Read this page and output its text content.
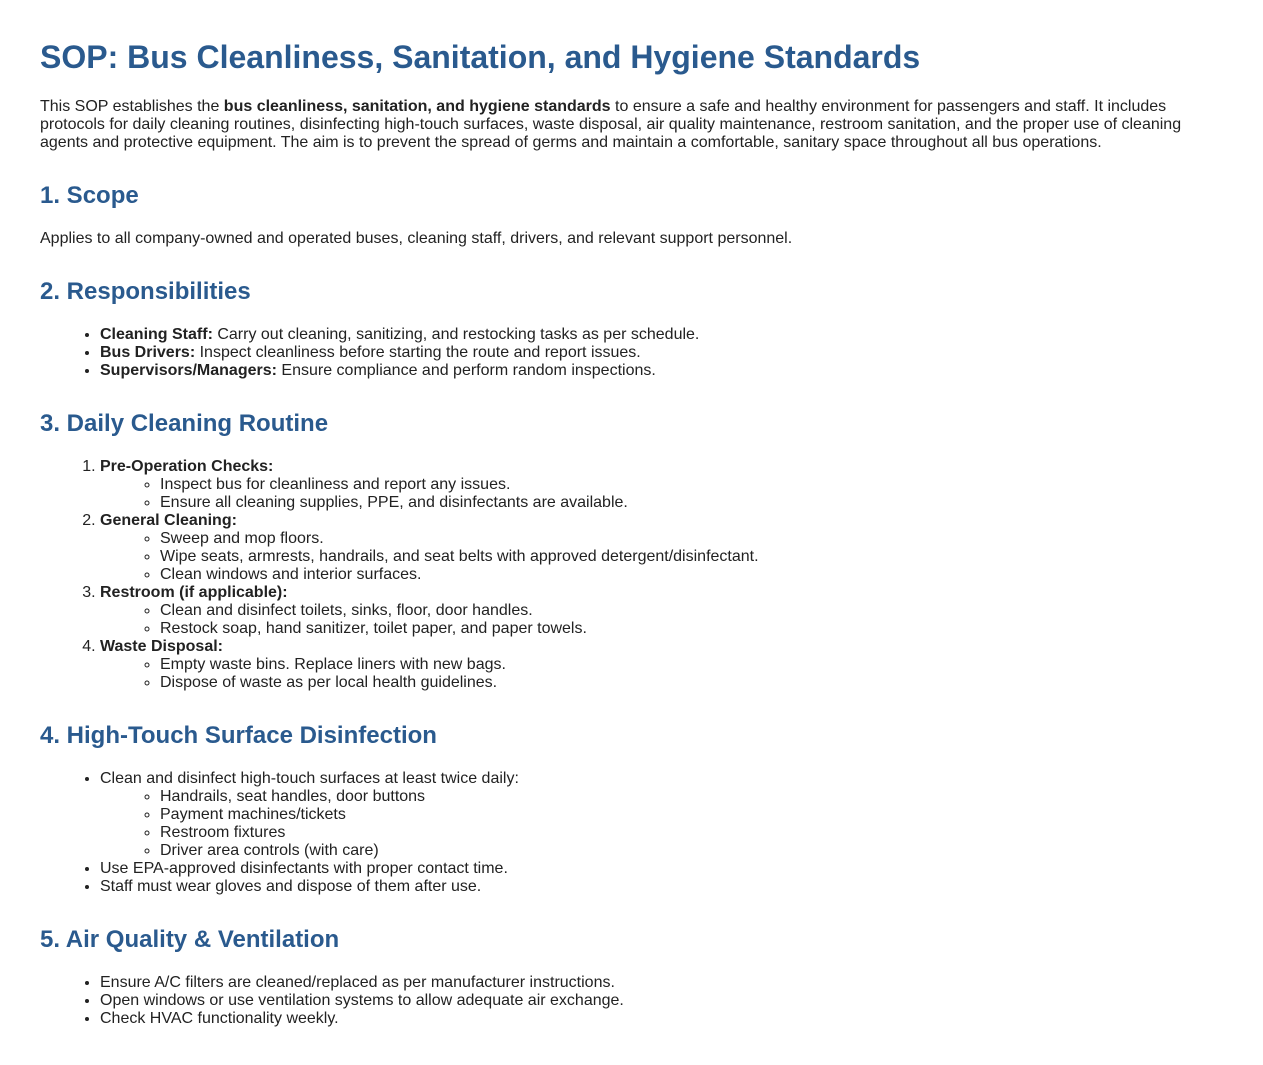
SOP: Bus Cleanliness, Sanitation, and Hygiene Standards

This SOP establishes the bus cleanliness, sanitation, and hygiene standards to ensure a safe and healthy environment for passengers and staff. It includes protocols for daily cleaning routines, disinfecting high-touch surfaces, waste disposal, air quality maintenance, restroom sanitation, and the proper use of cleaning agents and protective equipment. The aim is to prevent the spread of germs and maintain a comfortable, sanitary space throughout all bus operations.

1. Scope

Applies to all company-owned and operated buses, cleaning staff, drivers, and relevant support personnel.

2. Responsibilities
• Cleaning Staff: Carry out cleaning, sanitizing, and restocking tasks as per schedule.
• Bus Drivers: Inspect cleanliness before starting the route and report issues.
• Supervisors/Managers: Ensure compliance and perform random inspections.
3. Daily Cleaning Routine
1. Pre-Operation Checks:
◦ Inspect bus for cleanliness and report any issues.
◦ Ensure all cleaning supplies, PPE, and disinfectants are available.
2. General Cleaning:
◦ Sweep and mop floors.
◦ Wipe seats, armrests, handrails, and seat belts with approved detergent/disinfectant.
◦ Clean windows and interior surfaces.
3. Restroom (if applicable):
◦ Clean and disinfect toilets, sinks, floor, door handles.
◦ Restock soap, hand sanitizer, toilet paper, and paper towels.
4. Waste Disposal:
◦ Empty waste bins. Replace liners with new bags.
◦ Dispose of waste as per local health guidelines.
4. High-Touch Surface Disinfection
• Clean and disinfect high-touch surfaces at least twice daily:
◦ Handrails, seat handles, door buttons
◦ Payment machines/tickets
◦ Restroom fixtures
◦ Driver area controls (with care)
• Use EPA-approved disinfectants with proper contact time.
• Staff must wear gloves and dispose of them after use.
5. Air Quality & Ventilation
• Ensure A/C filters are cleaned/replaced as per manufacturer instructions.
• Open windows or use ventilation systems to allow adequate air exchange.
• Check HVAC functionality weekly.
